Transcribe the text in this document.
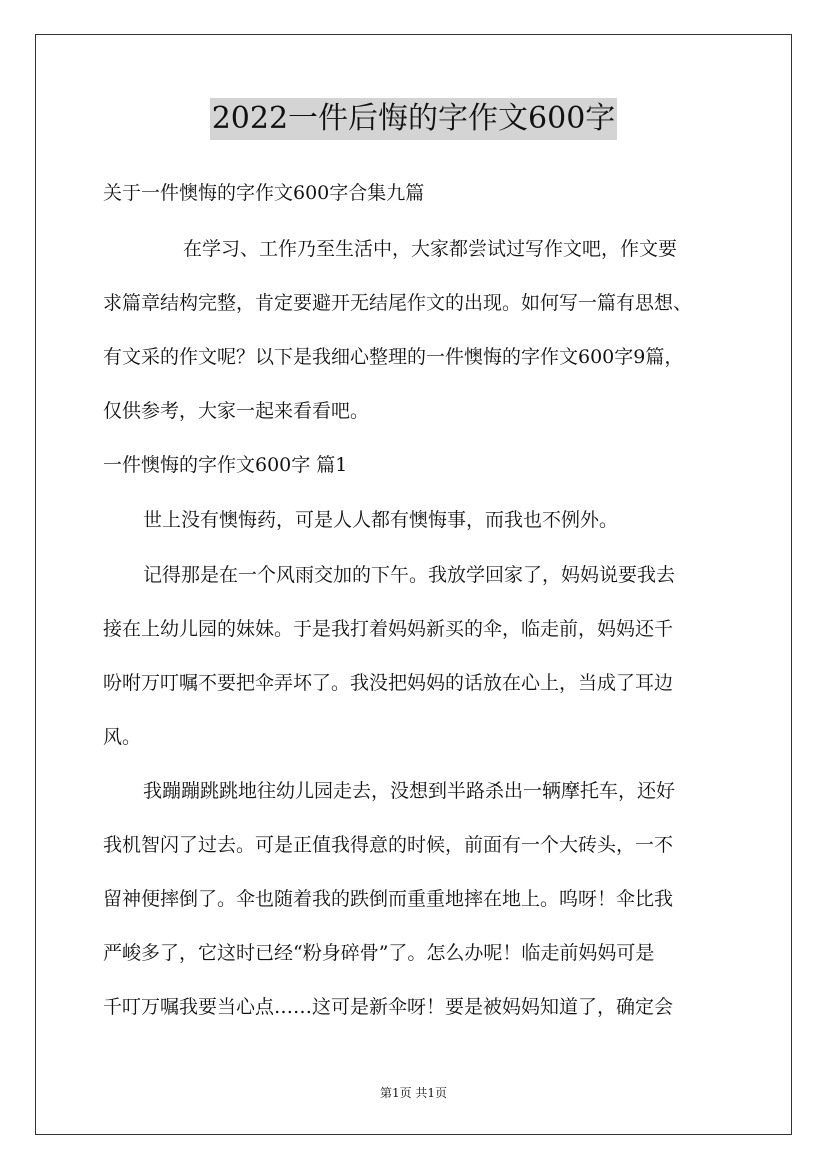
2022一件后悔的字作文600字
关于一件懊悔的字作文600字合集九篇
在学习、工作乃至生活中，大家都尝试过写作文吧，作文要
求篇章结构完整，肯定要避开无结尾作文的出现。如何写一篇有思想、
有文采的作文呢？以下是我细心整理的一件懊悔的字作文600字9篇，
仅供参考，大家一起来看看吧。
一件懊悔的字作文600字 篇1
世上没有懊悔药，可是人人都有懊悔事，而我也不例外。
记得那是在一个风雨交加的下午。我放学回家了，妈妈说要我去
接在上幼儿园的妹妹。于是我打着妈妈新买的伞，临走前，妈妈还千
吩咐万叮嘱不要把伞弄坏了。我没把妈妈的话放在心上，当成了耳边
风。
我蹦蹦跳跳地往幼儿园走去，没想到半路杀出一辆摩托车，还好
我机智闪了过去。可是正值我得意的时候，前面有一个大砖头，一不
留神便摔倒了。伞也随着我的跌倒而重重地摔在地上。呜呀！伞比我
严峻多了，它这时已经“粉身碎骨”了。怎么办呢！临走前妈妈可是
千叮万嘱我要当心点……这可是新伞呀！要是被妈妈知道了，确定会
第1页 共1页
